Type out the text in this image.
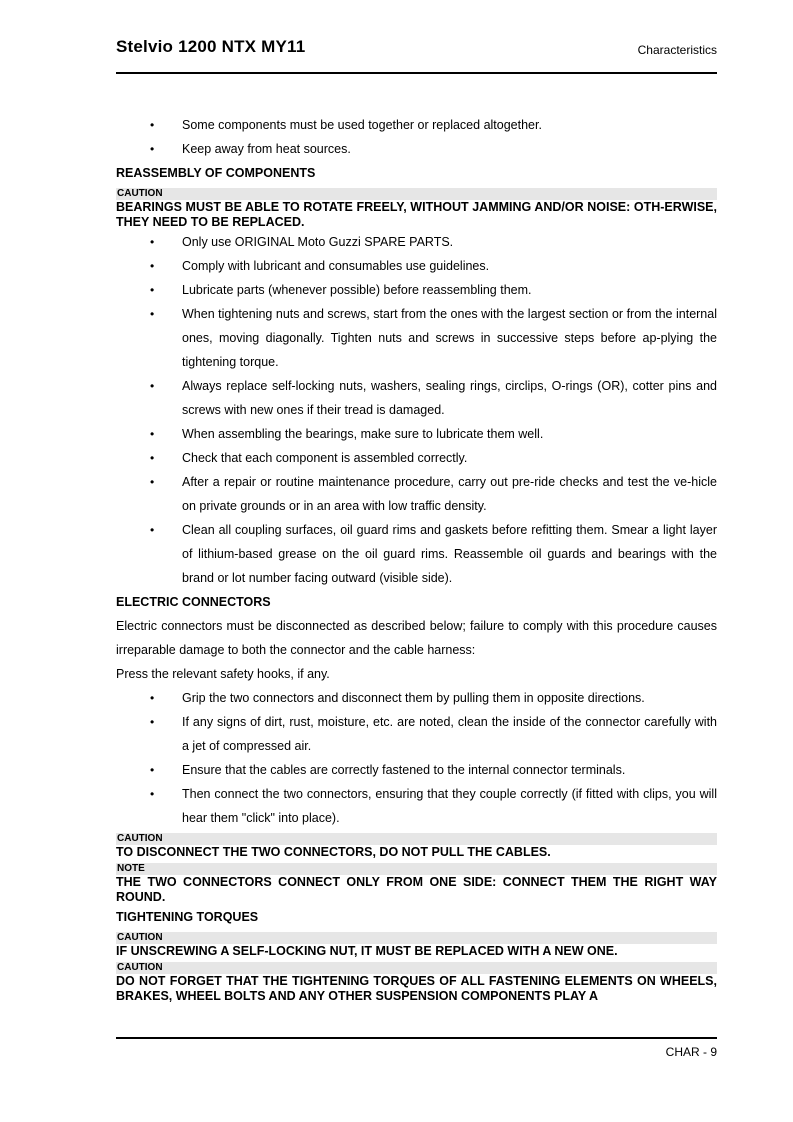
Stelvio 1200 NTX MY11	Characteristics
• Some components must be used together or replaced altogether.
• Keep away from heat sources.
REASSEMBLY OF COMPONENTS
CAUTION
BEARINGS MUST BE ABLE TO ROTATE FREELY, WITHOUT JAMMING AND/OR NOISE: OTH-ERWISE, THEY NEED TO BE REPLACED.
• Only use ORIGINAL Moto Guzzi SPARE PARTS.
• Comply with lubricant and consumables use guidelines.
• Lubricate parts (whenever possible) before reassembling them.
• When tightening nuts and screws, start from the ones with the largest section or from the internal ones, moving diagonally. Tighten nuts and screws in successive steps before ap-plying the tightening torque.
• Always replace self-locking nuts, washers, sealing rings, circlips, O-rings (OR), cotter pins and screws with new ones if their tread is damaged.
• When assembling the bearings, make sure to lubricate them well.
• Check that each component is assembled correctly.
• After a repair or routine maintenance procedure, carry out pre-ride checks and test the ve-hicle on private grounds or in an area with low traffic density.
• Clean all coupling surfaces, oil guard rims and gaskets before refitting them. Smear a light layer of lithium-based grease on the oil guard rims. Reassemble oil guards and bearings with the brand or lot number facing outward (visible side).
ELECTRIC CONNECTORS
Electric connectors must be disconnected as described below; failure to comply with this procedure causes irreparable damage to both the connector and the cable harness:
Press the relevant safety hooks, if any.
• Grip the two connectors and disconnect them by pulling them in opposite directions.
• If any signs of dirt, rust, moisture, etc. are noted, clean the inside of the connector carefully with a jet of compressed air.
• Ensure that the cables are correctly fastened to the internal connector terminals.
• Then connect the two connectors, ensuring that they couple correctly (if fitted with clips, you will hear them "click" into place).
CAUTION
TO DISCONNECT THE TWO CONNECTORS, DO NOT PULL THE CABLES.
NOTE
THE TWO CONNECTORS CONNECT ONLY FROM ONE SIDE: CONNECT THEM THE RIGHT WAY ROUND.
TIGHTENING TORQUES
CAUTION
IF UNSCREWING A SELF-LOCKING NUT, IT MUST BE REPLACED WITH A NEW ONE.
CAUTION
DO NOT FORGET THAT THE TIGHTENING TORQUES OF ALL FASTENING ELEMENTS ON WHEELS, BRAKES, WHEEL BOLTS AND ANY OTHER SUSPENSION COMPONENTS PLAY A
CHAR - 9
